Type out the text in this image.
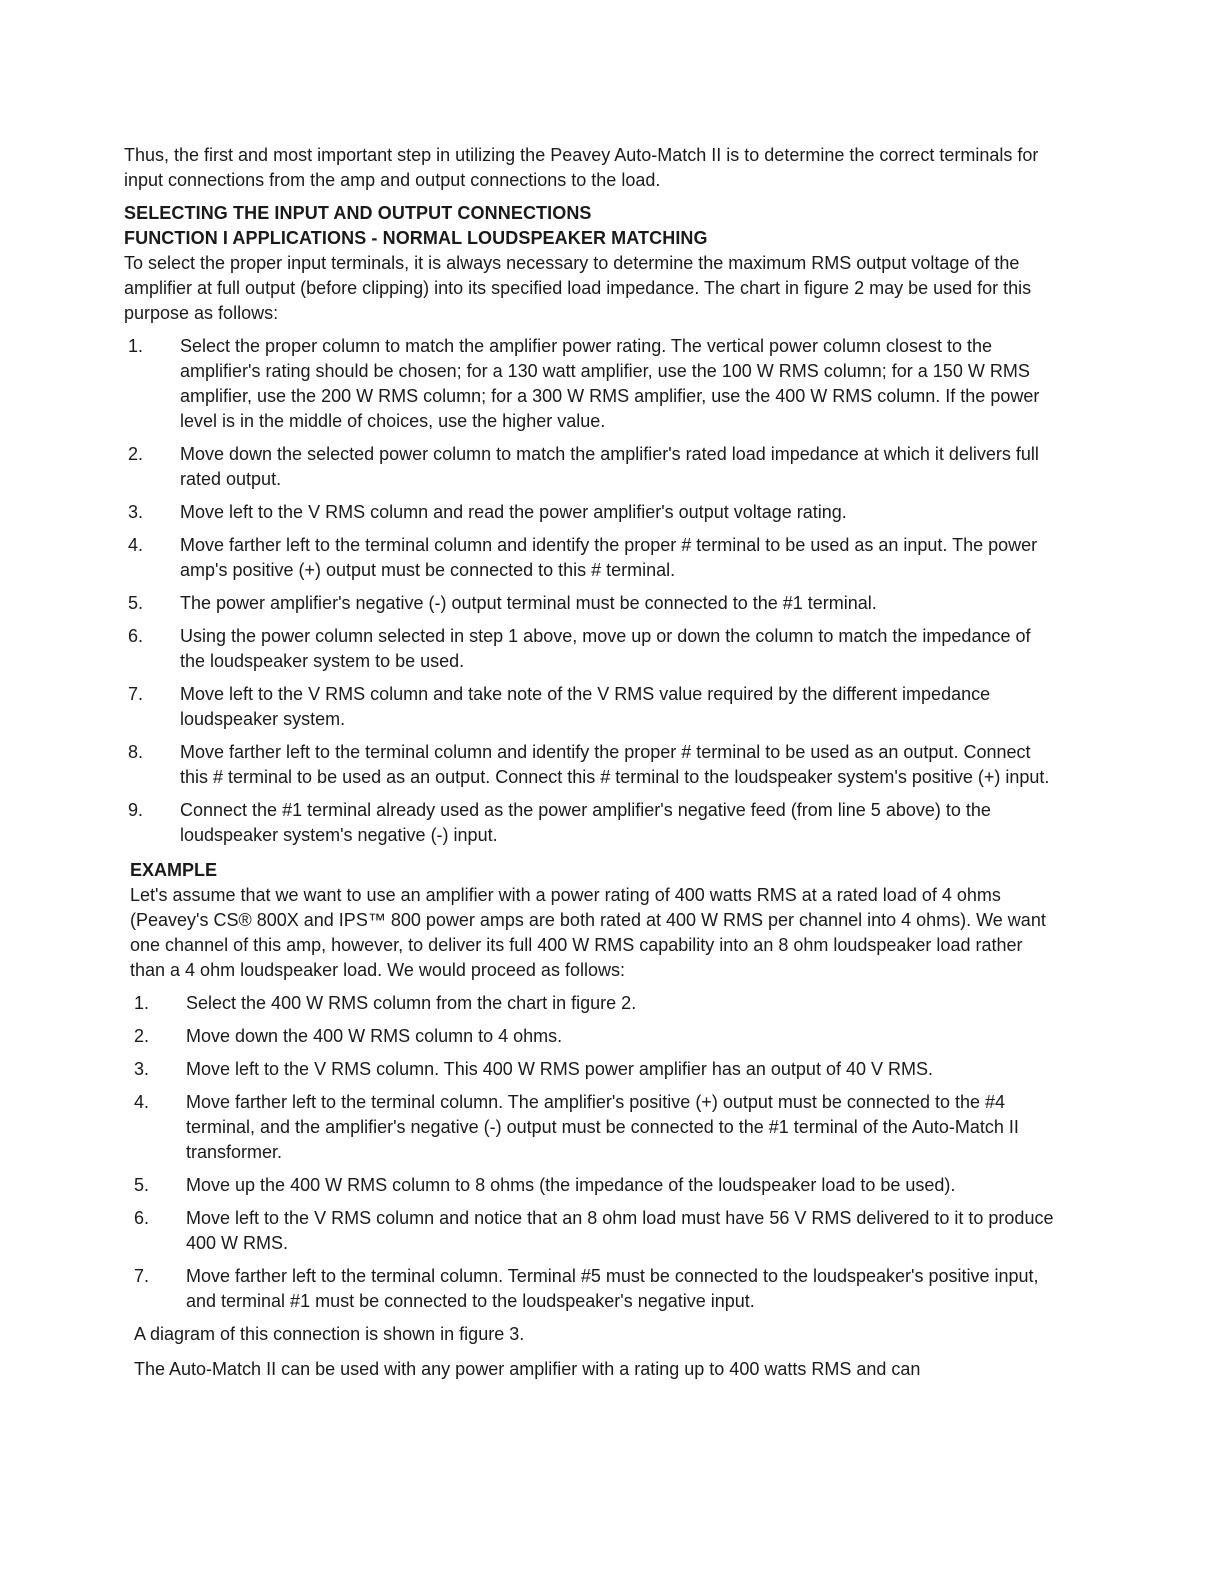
Thus, the first and most important step in utilizing the Peavey Auto-Match II is to determine the correct terminals for input connections from the amp and output connections to the load.

SELECTING THE INPUT AND OUTPUT CONNECTIONS

FUNCTION I APPLICATIONS - NORMAL LOUDSPEAKER MATCHING

To select the proper input terminals, it is always necessary to determine the maximum RMS output voltage of the amplifier at full output (before clipping) into its specified load impedance. The chart in figure 2 may be used for this purpose as follows:

1.	Select the proper column to match the amplifier power rating. The vertical power column closest to the amplifier's rating should be chosen; for a 130 watt amplifier, use the 100 W RMS column; for a 150 W RMS amplifier, use the 200 W RMS column; for a 300 W RMS amplifier, use the 400 W RMS column. If the power level is in the middle of choices, use the higher value.
2.	Move down the selected power column to match the amplifier's rated load impedance at which it delivers full rated output.
3.	Move left to the V RMS column and read the power amplifier's output voltage rating.
4.	Move farther left to the terminal column and identify the proper # terminal to be used as an input. The power amp's positive (+) output must be connected to this # terminal.
5.	The power amplifier's negative (-) output terminal must be connected to the #1 terminal.
6.	Using the power column selected in step 1 above, move up or down the column to match the impedance of the loudspeaker system to be used.
7.	Move left to the V RMS column and take note of the V RMS value required by the different impedance loudspeaker system.
8.	Move farther left to the terminal column and identify the proper # terminal to be used as an output. Connect this # terminal to be used as an output. Connect this # terminal to the loudspeaker system's positive (+) input.
9.	Connect the #1 terminal already used as the power amplifier's negative feed (from line 5 above) to the loudspeaker system's negative (-) input.

EXAMPLE

Let's assume that we want to use an amplifier with a power rating of 400 watts RMS at a rated load of 4 ohms (Peavey's CS® 800X and IPS™ 800 power amps are both rated at 400 W RMS per channel into 4 ohms). We want one channel of this amp, however, to deliver its full 400 W RMS capability into an 8 ohm loudspeaker load rather than a 4 ohm loudspeaker load. We would proceed as follows:

1.	Select the 400 W RMS column from the chart in figure 2.
2.	Move down the 400 W RMS column to 4 ohms.
3.	Move left to the V RMS column. This 400 W RMS power amplifier has an output of 40 V RMS.
4.	Move farther left to the terminal column. The amplifier's positive (+) output must be connected to the #4 terminal, and the amplifier's negative (-) output must be connected to the #1 terminal of the Auto-Match II transformer.
5.	Move up the 400 W RMS column to 8 ohms (the impedance of the loudspeaker load to be used).
6.	Move left to the V RMS column and notice that an 8 ohm load must have 56 V RMS delivered to it to produce 400 W RMS.
7.	Move farther left to the terminal column. Terminal #5 must be connected to the loudspeaker's positive input, and terminal #1 must be connected to the loudspeaker's negative input.

A diagram of this connection is shown in figure 3.

The Auto-Match II can be used with any power amplifier with a rating up to 400 watts RMS and can
